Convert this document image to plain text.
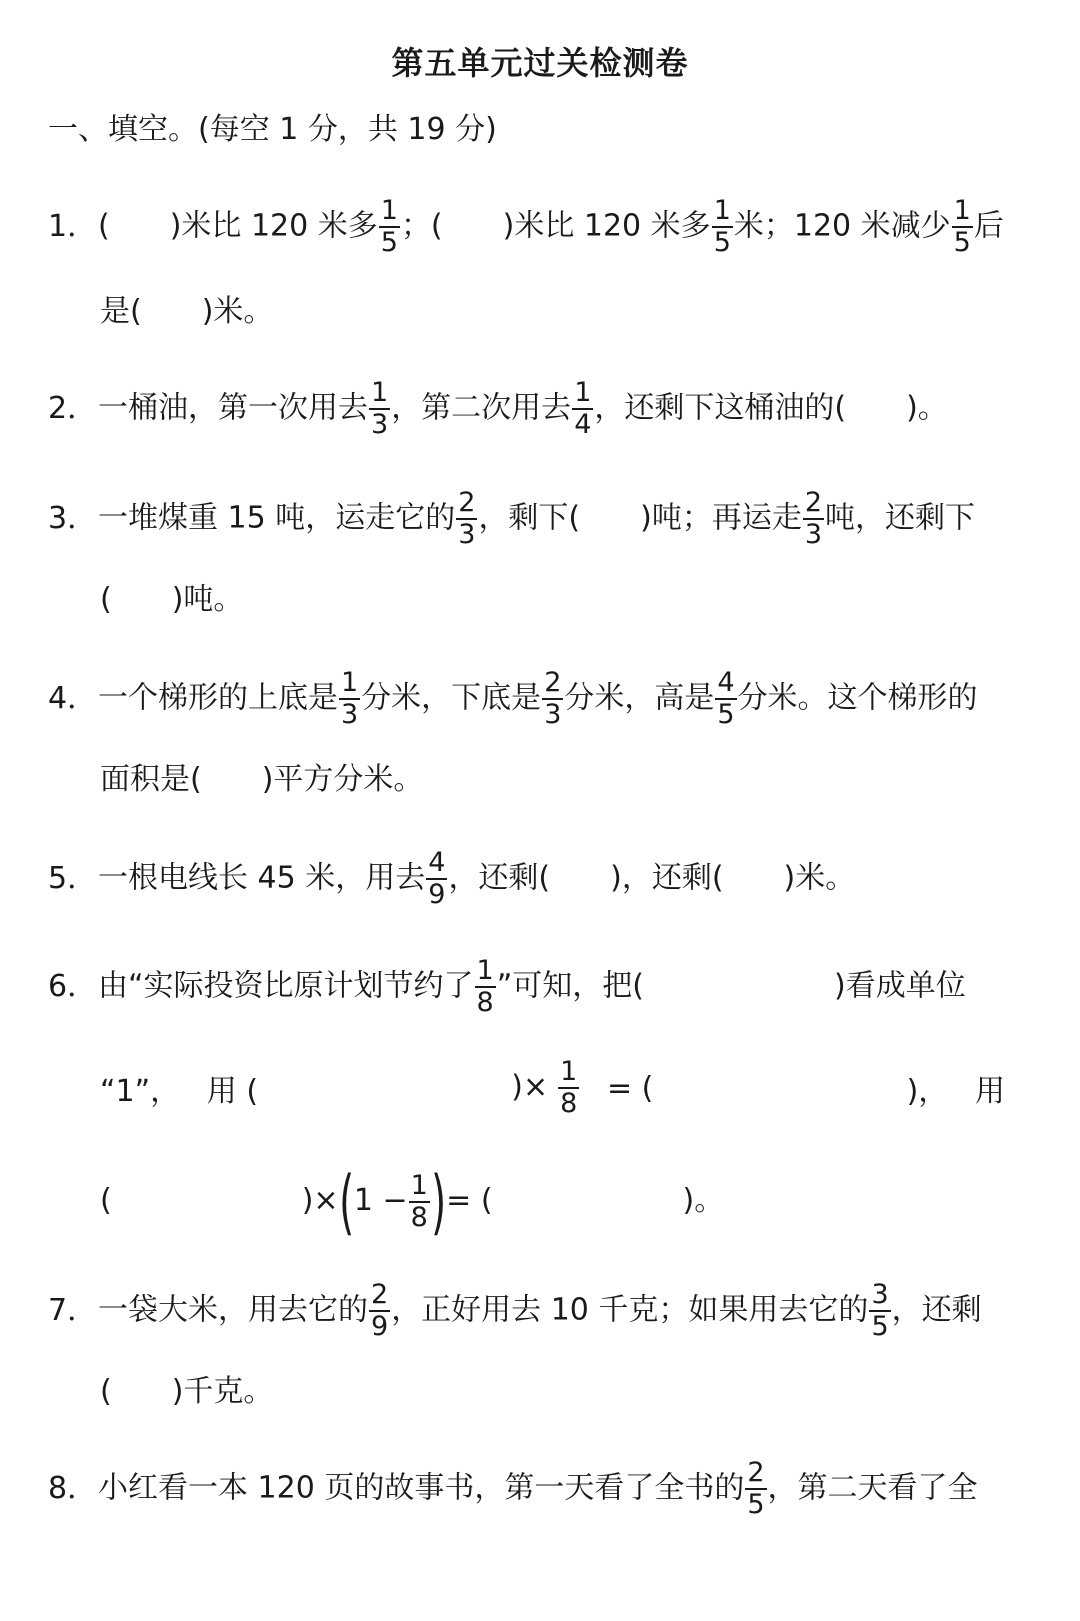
第五单元过关检测卷
一、填空。(每空 1 分，共 19 分)
1．(　　)米比 120 米多 $\frac{1}{5}$ ；(　　)米比 120 米多 $\frac{1}{5}$ 米；120 米减少 $\frac{1}{5}$ 后
是(　　)米。
2．一桶油，第一次用去 $\frac{1}{3}$ ，第二次用去 $\frac{1}{4}$ ，还剩下这桶油的(　　)。
3．一堆煤重 15 吨，运走它的 $\frac{2}{3}$ ，剩下(　　)吨；再运走 $\frac{2}{3}$ 吨，还剩下
(　　)吨。
4．一个梯形的上底是 $\frac{1}{3}$ 分米，下底是 $\frac{2}{3}$ 分米，高是 $\frac{4}{5}$ 分米。这个梯形的
面积是(　　)平方分米。
5．一根电线长 45 米，用去 $\frac{4}{9}$ ，还剩(　　)，还剩(　　)米。
6．由“实际投资比原计划节约了 $\frac{1}{8}$ ”可知，把(	)看成单位
“1”， 用 (	)× $\frac{1}{8}$ = (	)， 用
(	)$\times(1 - \frac{1}{8}$ )= (	)。
7．一袋大米，用去它的 $\frac{2}{9}$ ，正好用去 10 千克；如果用去它的 $\frac{3}{5}$ ，还剩
(　　)千克。
8．小红看一本 120 页的故事书，第一天看了全书的 $\frac{2}{5}$ ，第二天看了全
